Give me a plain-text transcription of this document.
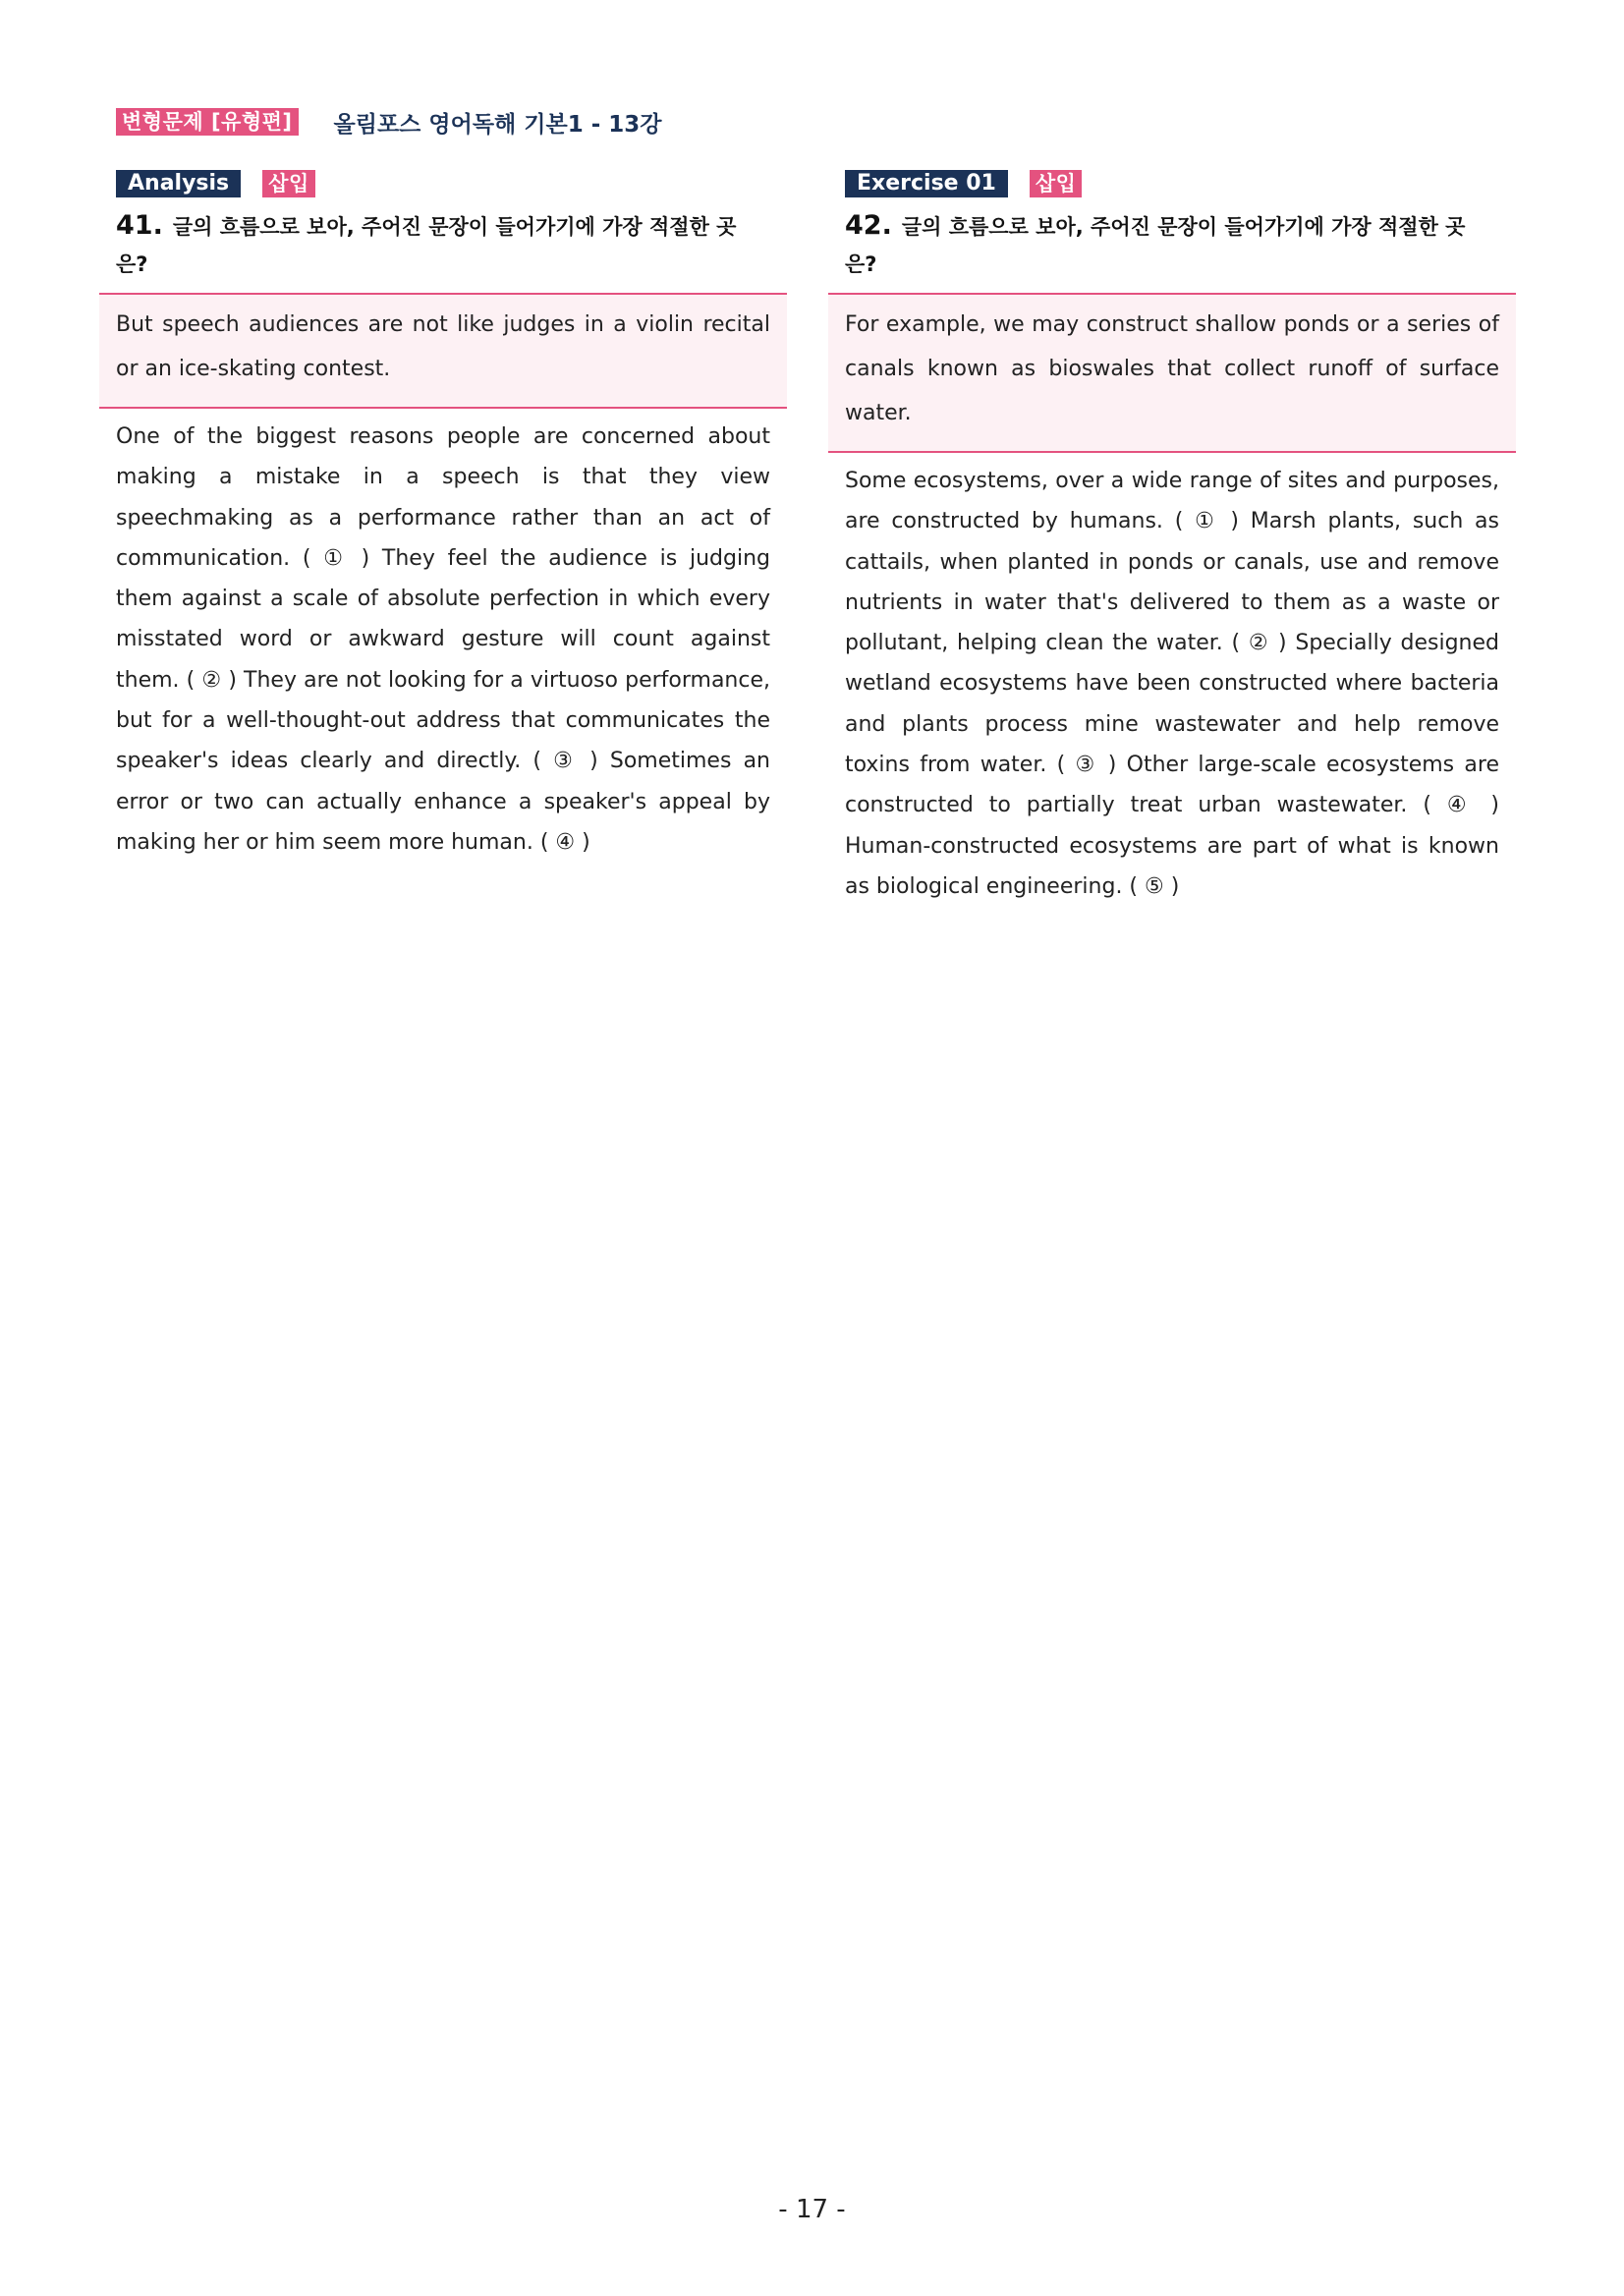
변형문제 [유형편] 올림포스 영어독해 기본1 - 13강
Analysis	삽입
41. 글의 흐름으로 보아, 주어진 문장이 들어가기에 가장 적절한 곳은?
But speech audiences are not like judges in a violin recital or an ice-skating contest.
One of the biggest reasons people are concerned about making a mistake in a speech is that they view speechmaking as a performance rather than an act of communication. ( ① ) They feel the audience is judging them against a scale of absolute perfection in which every misstated word or awkward gesture will count against them. ( ② ) They are not looking for a virtuoso performance, but for a well-thought-out address that communicates the speaker's ideas clearly and directly. ( ③ ) Sometimes an error or two can actually enhance a speaker's appeal by making her or him seem more human. ( ④ )
Exercise 01	삽입
42. 글의 흐름으로 보아, 주어진 문장이 들어가기에 가장 적절한 곳은?
For example, we may construct shallow ponds or a series of canals known as bioswales that collect runoff of surface water.
Some ecosystems, over a wide range of sites and purposes, are constructed by humans. ( ① ) Marsh plants, such as cattails, when planted in ponds or canals, use and remove nutrients in water that's delivered to them as a waste or pollutant, helping clean the water. ( ② ) Specially designed wetland ecosystems have been constructed where bacteria and plants process mine wastewater and help remove toxins from water. ( ③ ) Other large-scale ecosystems are constructed to partially treat urban wastewater. ( ④ ) Human-constructed ecosystems are part of what is known as biological engineering. ( ⑤ )
- 17 -
